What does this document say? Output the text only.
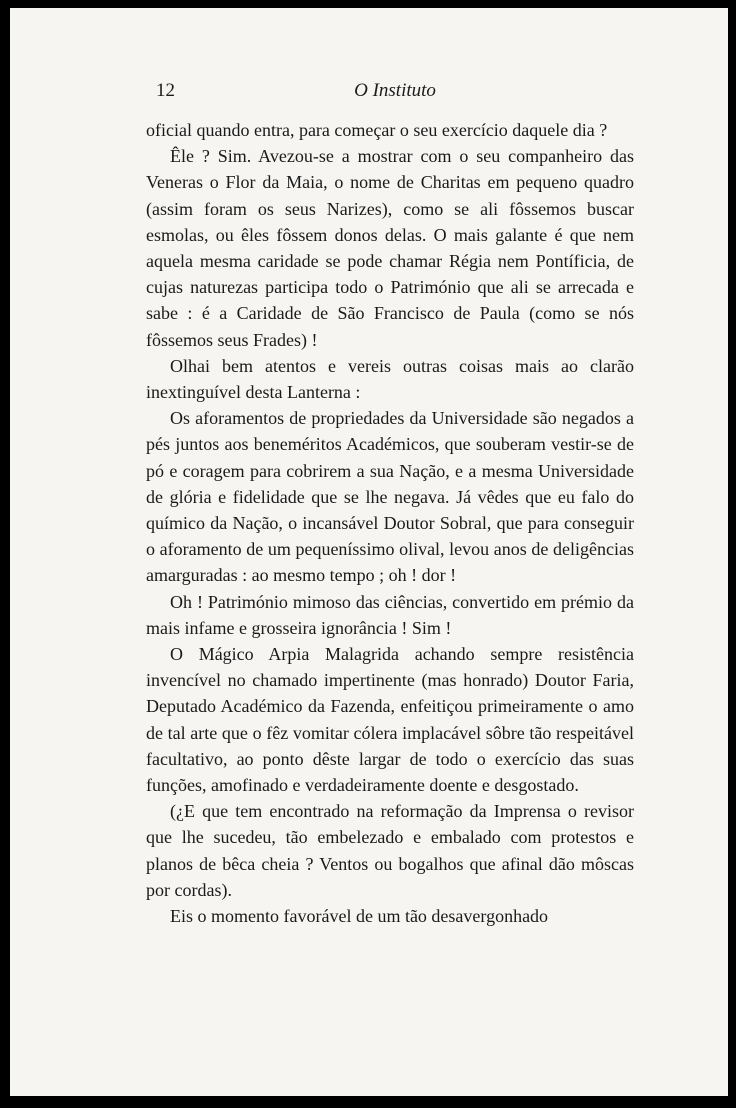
12	O Instituto

oficial quando entra, para começar o seu exercício daquele dia ?

Êle ? Sim. Avezou-se a mostrar com o seu companheiro das Veneras o Flor da Maia, o nome de Charitas em pequeno quadro (assim foram os seus Narizes), como se ali fôssemos buscar esmolas, ou êles fôssem donos delas. O mais galante é que nem aquela mesma caridade se pode chamar Régia nem Pontíficia, de cujas naturezas participa todo o Património que ali se arrecada e sabe : é a Caridade de São Francisco de Paula (como se nós fôssemos seus Frades) !

Olhai bem atentos e vereis outras coisas mais ao clarão inextinguível desta Lanterna :

Os aforamentos de propriedades da Universidade são negados a pés juntos aos beneméritos Académicos, que souberam vestir-se de pó e coragem para cobrirem a sua Nação, e a mesma Universidade de glória e fidelidade que se lhe negava. Já vêdes que eu falo do químico da Nação, o incansável Doutor Sobral, que para conseguir o aforamento de um pequeníssimo olival, levou anos de deligências amarguradas : ao mesmo tempo ; oh ! dor !

Oh ! Património mimoso das ciências, convertido em prémio da mais infame e grosseira ignorância ! Sim !

O Mágico Arpia Malagrida achando sempre resistência invencível no chamado impertinente (mas honrado) Doutor Faria, Deputado Académico da Fazenda, enfeitiçou primeiramente o amo de tal arte que o fêz vomitar cólera implacável sôbre tão respeitável facultativo, ao ponto dêste largar de todo o exercício das suas funções, amofinado e verdadeiramente doente e desgostado.

(¿E que tem encontrado na reformação da Imprensa o revisor que lhe sucedeu, tão embelezado e embalado com protestos e planos de bêca cheia ? Ventos ou bogalhos que afinal dão môscas por cordas).

Eis o momento favorável de um tão desavergonhado
